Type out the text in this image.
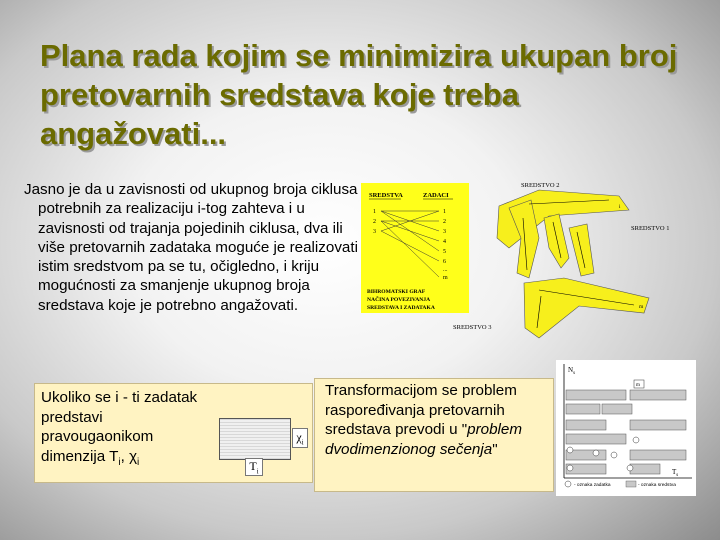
Plana rada kojim se minimizira ukupan broj pretovarnih sredstava koje treba angažovati...
Jasno je da u zavisnosti od ukupnog broja ciklusa potrebnih za realizaciju i-tog zahteva i u zavisnosti od trajanja pojedinih ciklusa, dva ili više pretovarnih zadataka moguće je realizovati istim sredstvom pa se tu, očigledno, i kriju mogućnosti za smanjenje ukupnog broja sredstava koje je potrebno angažovati.
SREDSTVA	ZADACI
1
2
3
1
2
3
4
5
6
...
m
BIHROMATSKI GRAF
NAČINA POVEZIVANJA
SREDSTAVA I ZADATAKA
SREDSTVO 2
SREDSTVO 1
SREDSTVO 3
i
m
Ukoliko se i - ti zadatak predstavi pravougaonikom dimenzija $T_i$, $\chi_i$
$\chi_i$
$T_i$
Transformacijom se problem raspoređivanja pretovarnih sredstava prevodi u "problem dvodimenzionog sečenja"
$N_s$
$T_s$
m
- oznaka zadatka	- oznaka sredstva
